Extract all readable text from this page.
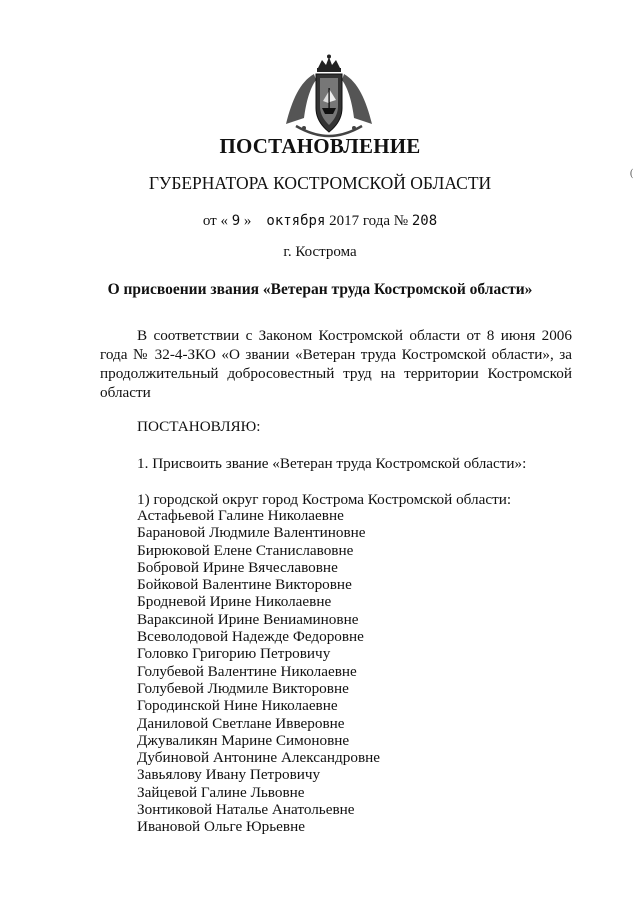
ПОСТАНОВЛЕНИЕ
ГУБЕРНАТОРА КОСТРОМСКОЙ ОБЛАСТИ
от « 9 » октября 2017 года № 208
г. Кострома
О присвоении звания «Ветеран труда Костромской области»
В соответствии с Законом Костромской области от 8 июня 2006 года № 32-4-ЗКО «О звании «Ветеран труда Костромской области», за продолжительный добросовестный труд на территории Костромской области
ПОСТАНОВЛЯЮ:
1. Присвоить звание «Ветеран труда Костромской области»:
1) городской округ город Кострома Костромской области:
Астафьевой Галине Николаевне
Барановой Людмиле Валентиновне
Бирюковой Елене Станиславовне
Бобровой Ирине Вячеславовне
Бойковой Валентине Викторовне
Бродневой Ирине Николаевне
Вараксиной Ирине Вениаминовне
Всеволодовой Надежде Федоровне
Головко Григорию Петровичу
Голубевой Валентине Николаевне
Голубевой Людмиле Викторовне
Городинской Нине Николаевне
Даниловой Светлане Ивверовне
Джуваликян Марине Симоновне
Дубиновой Антонине Александровне
Завьялову Ивану Петровичу
Зайцевой Галине Львовне
Зонтиковой Наталье Анатольевне
Ивановой Ольге Юрьевне
(
